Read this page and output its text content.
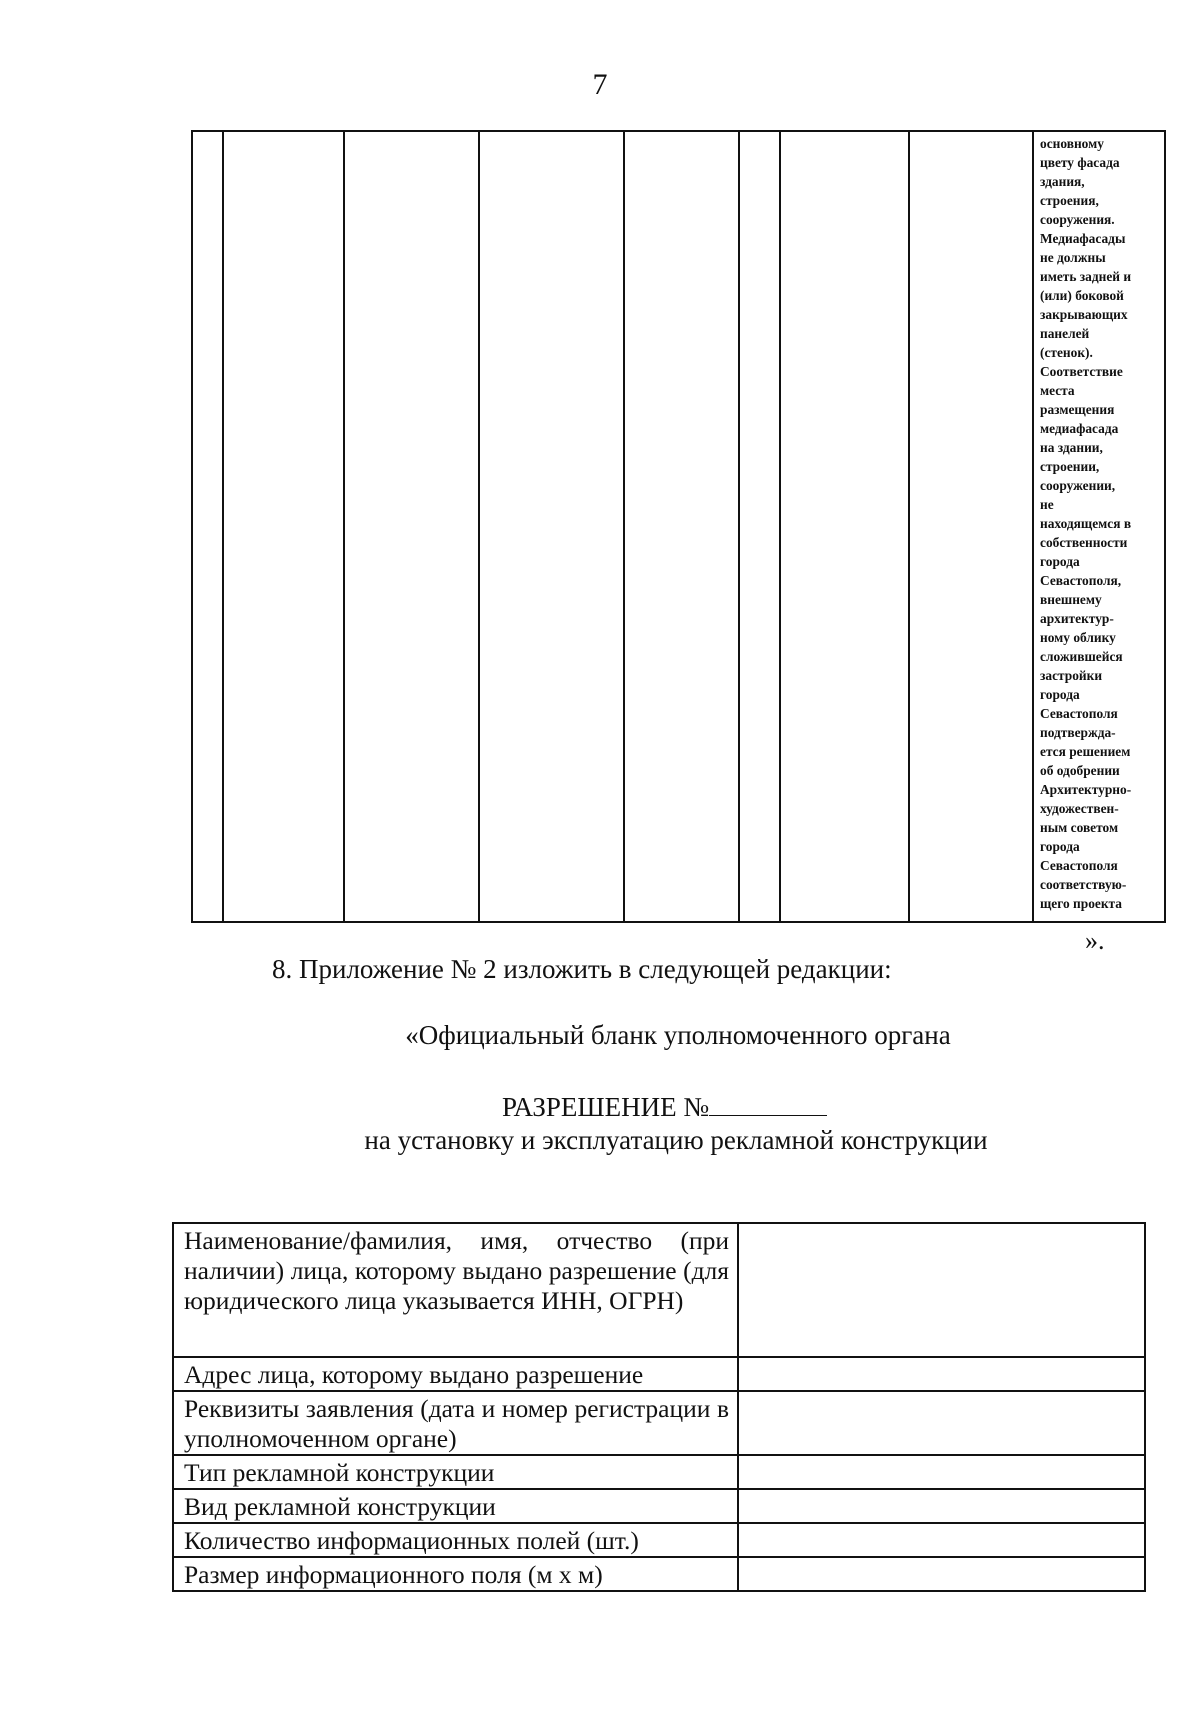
7
основному
цвету фасада
здания,
строения,
сооружения.
Медиафасады
не должны
иметь задней и
(или) боковой
закрывающих
панелей
(стенок).
Соответствие
места
размещения
медиафасада
на здании,
строении,
сооружении,
не
находящемся в
собственности
города
Севастополя,
внешнему
архитектур-
ному облику
сложившейся
застройки
города
Севастополя
подтвержда-
ется решением
об одобрении
Архитектурно-
художествен-
ным советом
города
Севастополя
соответствую-
щего проекта
».
8. Приложение № 2 изложить в следующей редакции:
«Официальный бланк уполномоченного органа
РАЗРЕШЕНИЕ №
на установку и эксплуатацию рекламной конструкции
Наименование/фамилия, имя, отчество (при наличии) лица, которому выдано разрешение (для юридического лица указывается ИНН, ОГРН)	
Адрес лица, которому выдано разрешение	
Реквизиты заявления (дата и номер регистрации в уполномоченном органе)	
Тип рекламной конструкции	
Вид рекламной конструкции	
Количество информационных полей (шт.)	
Размер информационного поля (м х м)	
